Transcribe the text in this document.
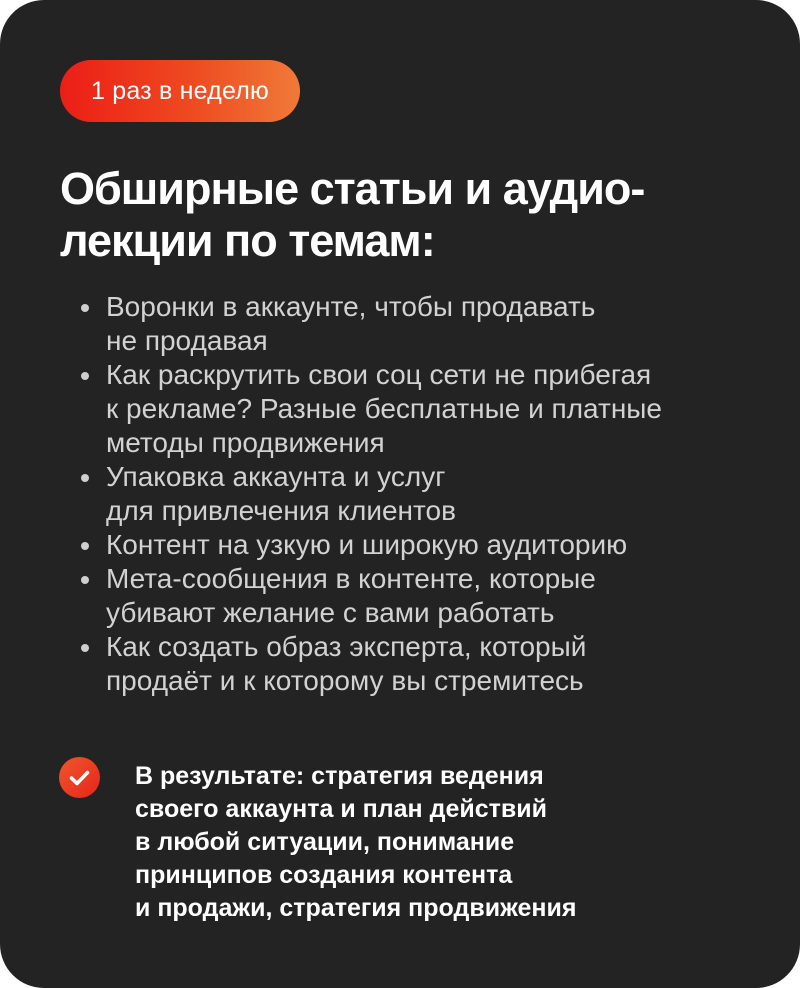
1 раз в неделю
Обширные статьи и аудио-
лекции по темам:
Воронки в аккаунте, чтобы продавать
не продавая
Как раскрутить свои соц сети не прибегая
к рекламе? Разные бесплатные и платные
методы продвижения
Упаковка аккаунта и услуг
для привлечения клиентов
Контент на узкую и широкую аудиторию
Мета-сообщения в контенте, которые
убивают желание с вами работать
Как создать образ эксперта, который
продаёт и к которому вы стремитесь

В результате: стратегия ведения
своего аккаунта и план действий
в любой ситуации, понимание
принципов создания контента
и продажи, стратегия продвижения
